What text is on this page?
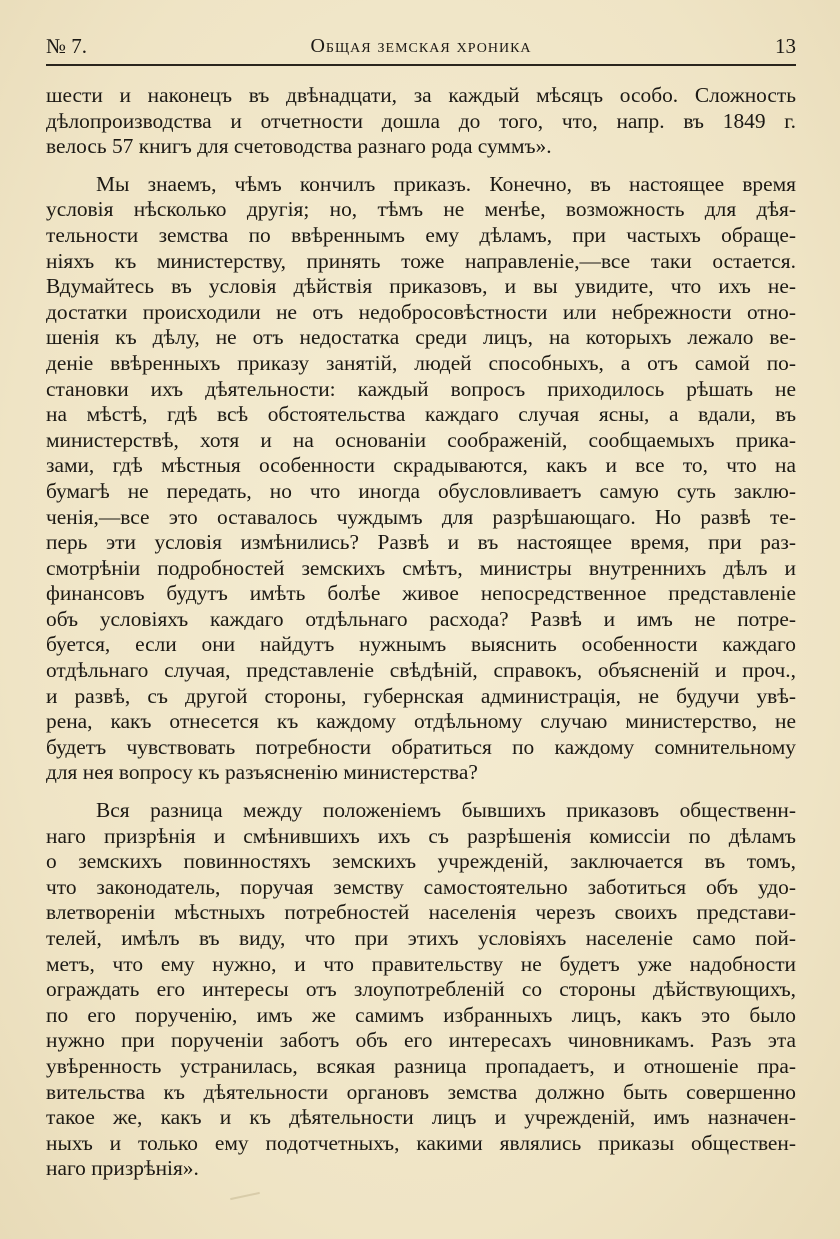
№ 7.	Общая земская хроника	13
шести и наконецъ въ двѣнадцати, за каждый мѣсяцъ особо. Сложность
дѣлопроизводства и отчетности дошла до того, что, напр. въ 1849 г.
велось 57 книгъ для счетоводства разнаго рода суммъ».
Мы знаемъ, чѣмъ кончилъ приказъ. Конечно, въ настоящее время
условія нѣсколько другія; но, тѣмъ не менѣе, возможность для дѣя-
тельности земства по ввѣреннымъ ему дѣламъ, при частыхъ обраще-
ніяхъ къ министерству, принять тоже направленіе,—все таки остается.
Вдумайтесь въ условія дѣйствія приказовъ, и вы увидите, что ихъ не-
достатки происходили не отъ недобросовѣстности или небрежности отно-
шенія къ дѣлу, не отъ недостатка среди лицъ, на которыхъ лежало ве-
деніе ввѣренныхъ приказу занятій, людей способныхъ, а отъ самой по-
становки ихъ дѣятельности: каждый вопросъ приходилось рѣшать не
на мѣстѣ, гдѣ всѣ обстоятельства каждаго случая ясны, а вдали, въ
министерствѣ, хотя и на основаніи соображеній, сообщаемыхъ прика-
зами, гдѣ мѣстныя особенности скрадываются, какъ и все то, что на
бумагѣ не передать, но что иногда обусловливаетъ самую суть заклю-
ченія,—все это оставалось чуждымъ для разрѣшающаго. Но развѣ те-
перь эти условія измѣнились? Развѣ и въ настоящее время, при раз-
смотрѣніи подробностей земскихъ смѣтъ, министры внутреннихъ дѣлъ и
финансовъ будутъ имѣть болѣе живое непосредственное представленіе
объ условіяхъ каждаго отдѣльнаго расхода? Развѣ и имъ не потре-
буется, если они найдутъ нужнымъ выяснить особенности каждаго
отдѣльнаго случая, представленіе свѣдѣній, справокъ, объясненій и проч.,
и развѣ, съ другой стороны, губернская администрація, не будучи увѣ-
рена, какъ отнесется къ каждому отдѣльному случаю министерство, не
будетъ чувствовать потребности обратиться по каждому сомнительному
для нея вопросу къ разъясненію министерства?
Вся разница между положеніемъ бывшихъ приказовъ общественн-
наго призрѣнія и смѣнившихъ ихъ съ разрѣшенія комиссіи по дѣламъ
о земскихъ повинностяхъ земскихъ учрежденій, заключается въ томъ,
что законодатель, поручая земству самостоятельно заботиться объ удо-
влетвореніи мѣстныхъ потребностей населенія черезъ своихъ представи-
телей, имѣлъ въ виду, что при этихъ условіяхъ населеніе само пой-
метъ, что ему нужно, и что правительству не будетъ уже надобности
ограждать его интересы отъ злоупотребленій со стороны дѣйствующихъ,
по его порученію, имъ же самимъ избранныхъ лицъ, какъ это было
нужно при порученіи заботъ объ его интересахъ чиновникамъ. Разъ эта
увѣренность устранилась, всякая разница пропадаетъ, и отношеніе пра-
вительства къ дѣятельности органовъ земства должно быть совершенно
такое же, какъ и къ дѣятельности лицъ и учрежденій, имъ назначен-
ныхъ и только ему подотчетныхъ, какими являлись приказы обществен-
наго призрѣнія».
